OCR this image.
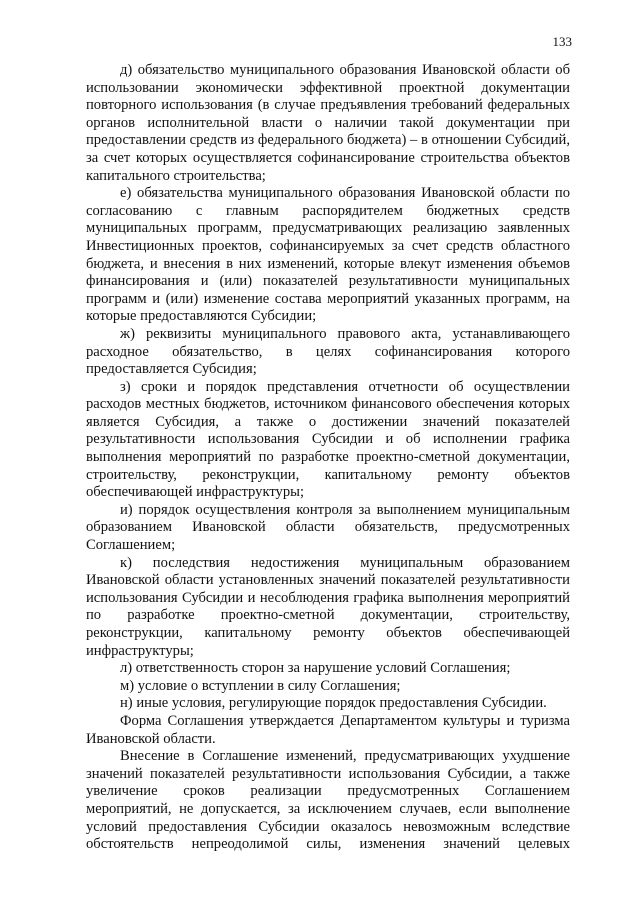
133

д) обязательство муниципального образования Ивановской области об использовании экономически эффективной проектной документации повторного использования (в случае предъявления требований федеральных органов исполнительной власти о наличии такой документации при предоставлении средств из федерального бюджета) – в отношении Субсидий, за счет которых осуществляется софинансирование строительства объектов капитального строительства;

е) обязательства муниципального образования Ивановской области по согласованию с главным распорядителем бюджетных средств муниципальных программ, предусматривающих реализацию заявленных Инвестиционных проектов, софинансируемых за счет средств областного бюджета, и внесения в них изменений, которые влекут изменения объемов финансирования и (или) показателей результативности муниципальных программ и (или) изменение состава мероприятий указанных программ, на которые предоставляются Субсидии;

ж) реквизиты муниципального правового акта, устанавливающего расходное обязательство, в целях софинансирования которого предоставляется Субсидия;

з) сроки и порядок представления отчетности об осуществлении расходов местных бюджетов, источником финансового обеспечения которых является Субсидия, а также о достижении значений показателей результативности использования Субсидии и об исполнении графика выполнения мероприятий по разработке проектно-сметной документации, строительству, реконструкции, капитальному ремонту объектов обеспечивающей инфраструктуры;

и) порядок осуществления контроля за выполнением муниципальным образованием Ивановской области обязательств, предусмотренных Соглашением;

к) последствия недостижения муниципальным образованием Ивановской области установленных значений показателей результативности использования Субсидии и несоблюдения графика выполнения мероприятий по разработке проектно-сметной документации, строительству, реконструкции, капитальному ремонту объектов обеспечивающей инфраструктуры;

л) ответственность сторон за нарушение условий Соглашения;

м) условие о вступлении в силу Соглашения;

н) иные условия, регулирующие порядок предоставления Субсидии.

Форма Соглашения утверждается Департаментом культуры и туризма Ивановской области.

Внесение в Соглашение изменений, предусматривающих ухудшение значений показателей результативности использования Субсидии, а также увеличение сроков реализации предусмотренных Соглашением мероприятий, не допускается, за исключением случаев, если выполнение условий предоставления Субсидии оказалось невозможным вследствие обстоятельств непреодолимой силы, изменения значений целевых
